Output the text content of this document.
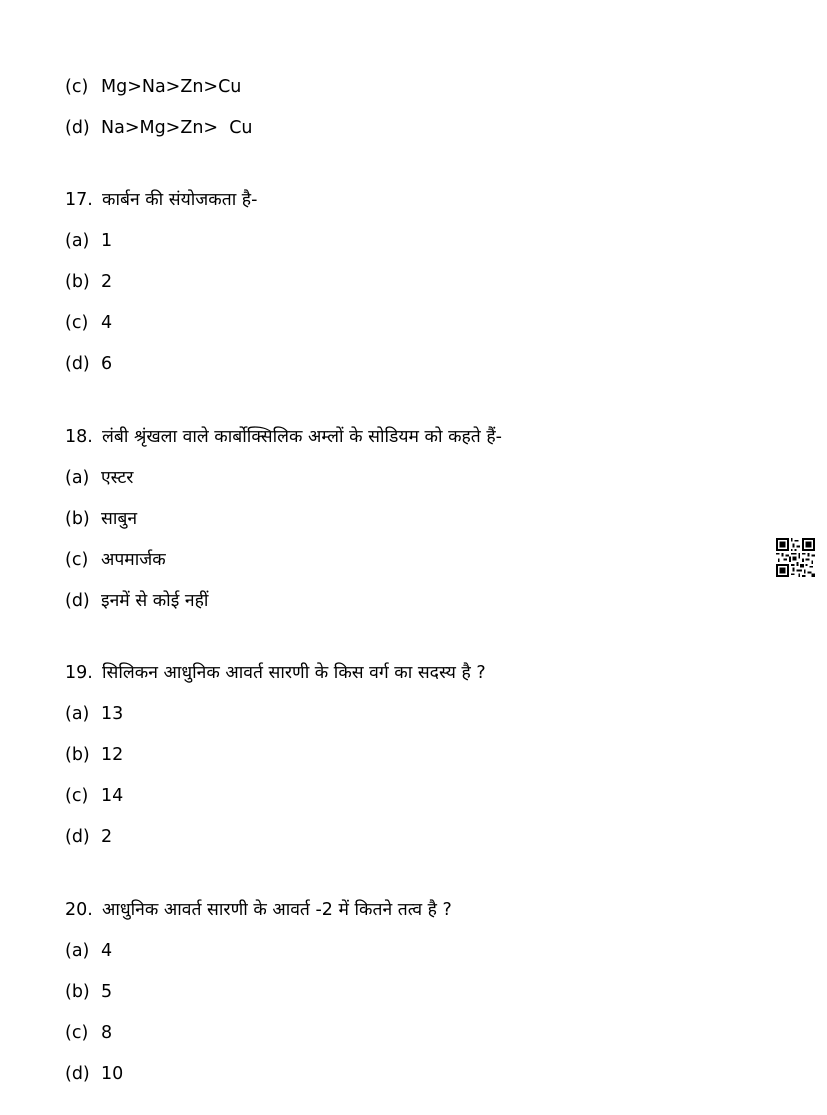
(c) Mg>Na>Zn>Cu
(d) Na>Mg>Zn>  Cu
17. कार्बन की संयोजकता है-
(a) 1
(b) 2
(c) 4
(d) 6
18. लंबी श्रृंखला वाले कार्बोक्सिलिक अम्लों के सोडियम को कहते हैं-
(a) एस्टर
(b) साबुन
(c) अपमार्जक
(d) इनमें से कोई नहीं
19. सिलिकन आधुनिक आवर्त सारणी के किस वर्ग का सदस्य है ?
(a) 13
(b) 12
(c) 14
(d) 2
20. आधुनिक आवर्त सारणी के आवर्त -2 में कितने तत्व है ?
(a) 4
(b) 5
(c) 8
(d) 10
